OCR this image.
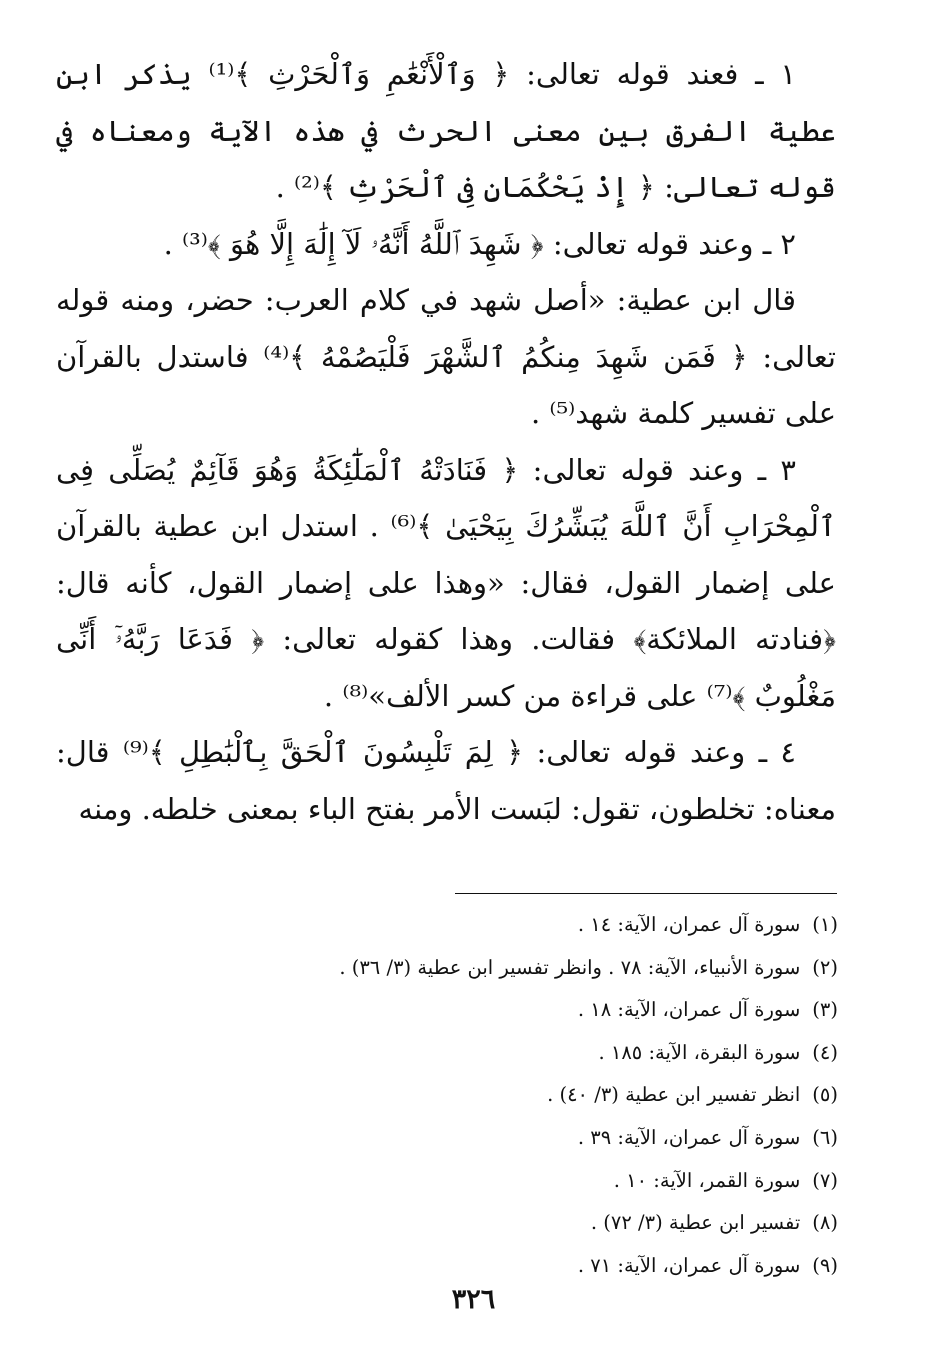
١ ـ فعند قوله تعالى: ﴿ وَٱلْأَنْعَٰمِ وَٱلْحَرْثِ ﴾⁽¹⁾ يذكر ابن عطية الفرق بين معنى الحرث في هذه الآية ومعناه في قوله تعالى: ﴿ إِذْ يَحْكُمَانِ فِى ٱلْحَرْثِ ﴾⁽²⁾ .

٢ ـ وعند قوله تعالى: ﴿ شَهِدَ ٱللَّهُ أَنَّهُۥ لَآ إِلَٰهَ إِلَّا هُوَ ﴾⁽³⁾ .

قال ابن عطية: «أصل شهد في كلام العرب: حضر، ومنه قوله تعالى: ﴿ فَمَن شَهِدَ مِنكُمُ ٱلشَّهْرَ فَلْيَصُمْهُ ﴾⁽⁴⁾ فاستدل بالقرآن على تفسير كلمة شهد⁽⁵⁾ .

٣ ـ وعند قوله تعالى: ﴿ فَنَادَتْهُ ٱلْمَلَٰٓئِكَةُ وَهُوَ قَآئِمٌ يُصَلِّى فِى ٱلْمِحْرَابِ أَنَّ ٱللَّهَ يُبَشِّرُكَ بِيَحْيَىٰ ﴾⁽⁶⁾ . استدل ابن عطية بالقرآن على إضمار القول، فقال: «وهذا على إضمار القول، كأنه قال: ﴿فنادته الملائكة﴾ فقالت. وهذا كقوله تعالى: ﴿ فَدَعَا رَبَّهُۥٓ أَنِّى مَغْلُوبٌ ﴾⁽⁷⁾ على قراءة من كسر الألف»⁽⁸⁾ .

٤ ـ وعند قوله تعالى: ﴿ لِمَ تَلْبِسُونَ ٱلْحَقَّ بِٱلْبَٰطِلِ ﴾⁽⁹⁾ قال: معناه: تخلطون، تقول: لبَست الأمر بفتح الباء بمعنى خلطه. ومنه

(١)سورة آل عمران، الآية: ١٤ .
(٢)سورة الأنبياء، الآية: ٧٨ . وانظر تفسير ابن عطية (٣/ ٣٦) .
(٣)سورة آل عمران، الآية: ١٨ .
(٤)سورة البقرة، الآية: ١٨٥ .
(٥)انظر تفسير ابن عطية (٣/ ٤٠) .
(٦)سورة آل عمران، الآية: ٣٩ .
(٧)سورة القمر، الآية: ١٠ .
(٨)تفسير ابن عطية (٣/ ٧٢) .
(٩)سورة آل عمران، الآية: ٧١ .
٣٢٦
